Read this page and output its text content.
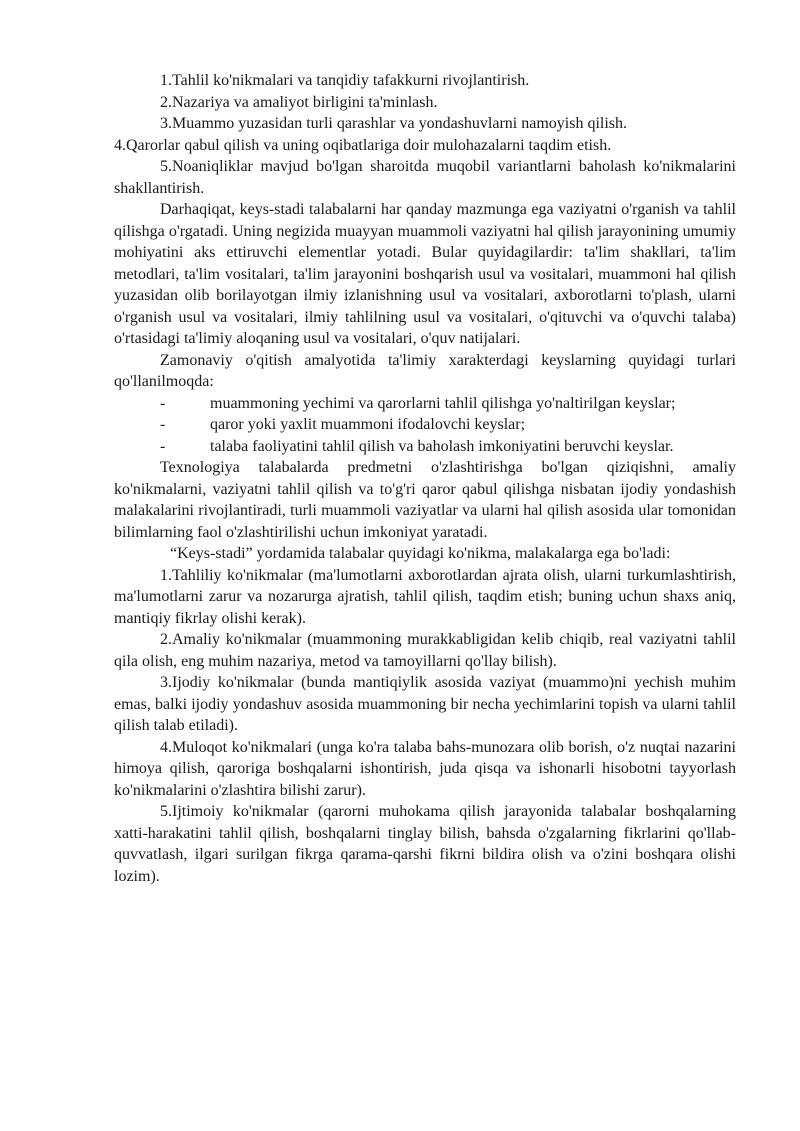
1.Tahlil ko'nikmalari va tanqidiy tafakkurni rivojlantirish.

2.Nazariya va amaliyot birligini ta'minlash.

3.Muammo yuzasidan turli qarashlar va yondashuvlarni namoyish qilish.

4.Qarorlar qabul qilish va uning oqibatlariga doir mulohazalarni taqdim etish.

5.Noaniqliklar mavjud bo'lgan sharoitda muqobil variantlarni baholash ko'nikmalarini shakllantirish.

Darhaqiqat, keys-stadi talabalarni har qanday mazmunga ega vaziyatni o'rganish va tahlil qilishga o'rgatadi. Uning negizida muayyan muammoli vaziyatni hal qilish jarayonining umumiy mohiyatini aks ettiruvchi elementlar yotadi. Bular quyidagilardir: ta'lim shakllari, ta'lim metodlari, ta'lim vositalari, ta'lim jarayonini boshqarish usul va vositalari, muammoni hal qilish yuzasidan olib borilayotgan ilmiy izlanishning usul va vositalari, axborotlarni to'plash, ularni o'rganish usul va vositalari, ilmiy tahlilning usul va vositalari, o'qituvchi va o'quvchi talaba) o'rtasidagi ta'limiy aloqaning usul va vositalari, o'quv natijalari.

Zamonaviy o'qitish amalyotida ta'limiy xarakterdagi keyslarning quyidagi turlari qo'llanilmoqda:

-	muammoning yechimi va qarorlarni tahlil qilishga yo'naltirilgan keyslar;

-	qaror yoki yaxlit muammoni ifodalovchi keyslar;

-	talaba faoliyatini tahlil qilish va baholash imkoniyatini beruvchi keyslar.

Texnologiya talabalarda predmetni o'zlashtirishga bo'lgan qiziqishni, amaliy ko'nikmalarni, vaziyatni tahlil qilish va to'g'ri qaror qabul qilishga nisbatan ijodiy yondashish malakalarini rivojlantiradi, turli muammoli vaziyatlar va ularni hal qilish asosida ular tomonidan bilimlarning faol o'zlashtirilishi uchun imkoniyat yaratadi.

“Keys-stadi” yordamida talabalar quyidagi ko'nikma, malakalarga ega bo'ladi:

1.Tahliliy ko'nikmalar (ma'lumotlarni axborotlardan ajrata olish, ularni turkumlashtirish, ma'lumotlarni zarur va nozarurga ajratish, tahlil qilish, taqdim etish; buning uchun shaxs aniq, mantiqiy fikrlay olishi kerak).

2.Amaliy ko'nikmalar (muammoning murakkabligidan kelib chiqib, real vaziyatni tahlil qila olish, eng muhim nazariya, metod va tamoyillarni qo'llay bilish).

3.Ijodiy ko'nikmalar (bunda mantiqiylik asosida vaziyat (muammo)ni yechish muhim emas, balki ijodiy yondashuv asosida muammoning bir necha yechimlarini topish va ularni tahlil qilish talab etiladi).

4.Muloqot ko'nikmalari (unga ko'ra talaba bahs-munozara olib borish, o'z nuqtai nazarini himoya qilish, qaroriga boshqalarni ishontirish, juda qisqa va ishonarli hisobotni tayyorlash ko'nikmalarini o'zlashtira bilishi zarur).

5.Ijtimoiy ko'nikmalar (qarorni muhokama qilish jarayonida talabalar boshqalarning xatti-harakatini tahlil qilish, boshqalarni tinglay bilish, bahsda o'zgalarning fikrlarini qo'llab-quvvatlash, ilgari surilgan fikrga qarama-qarshi fikrni bildira olish va o'zini boshqara olishi lozim).
